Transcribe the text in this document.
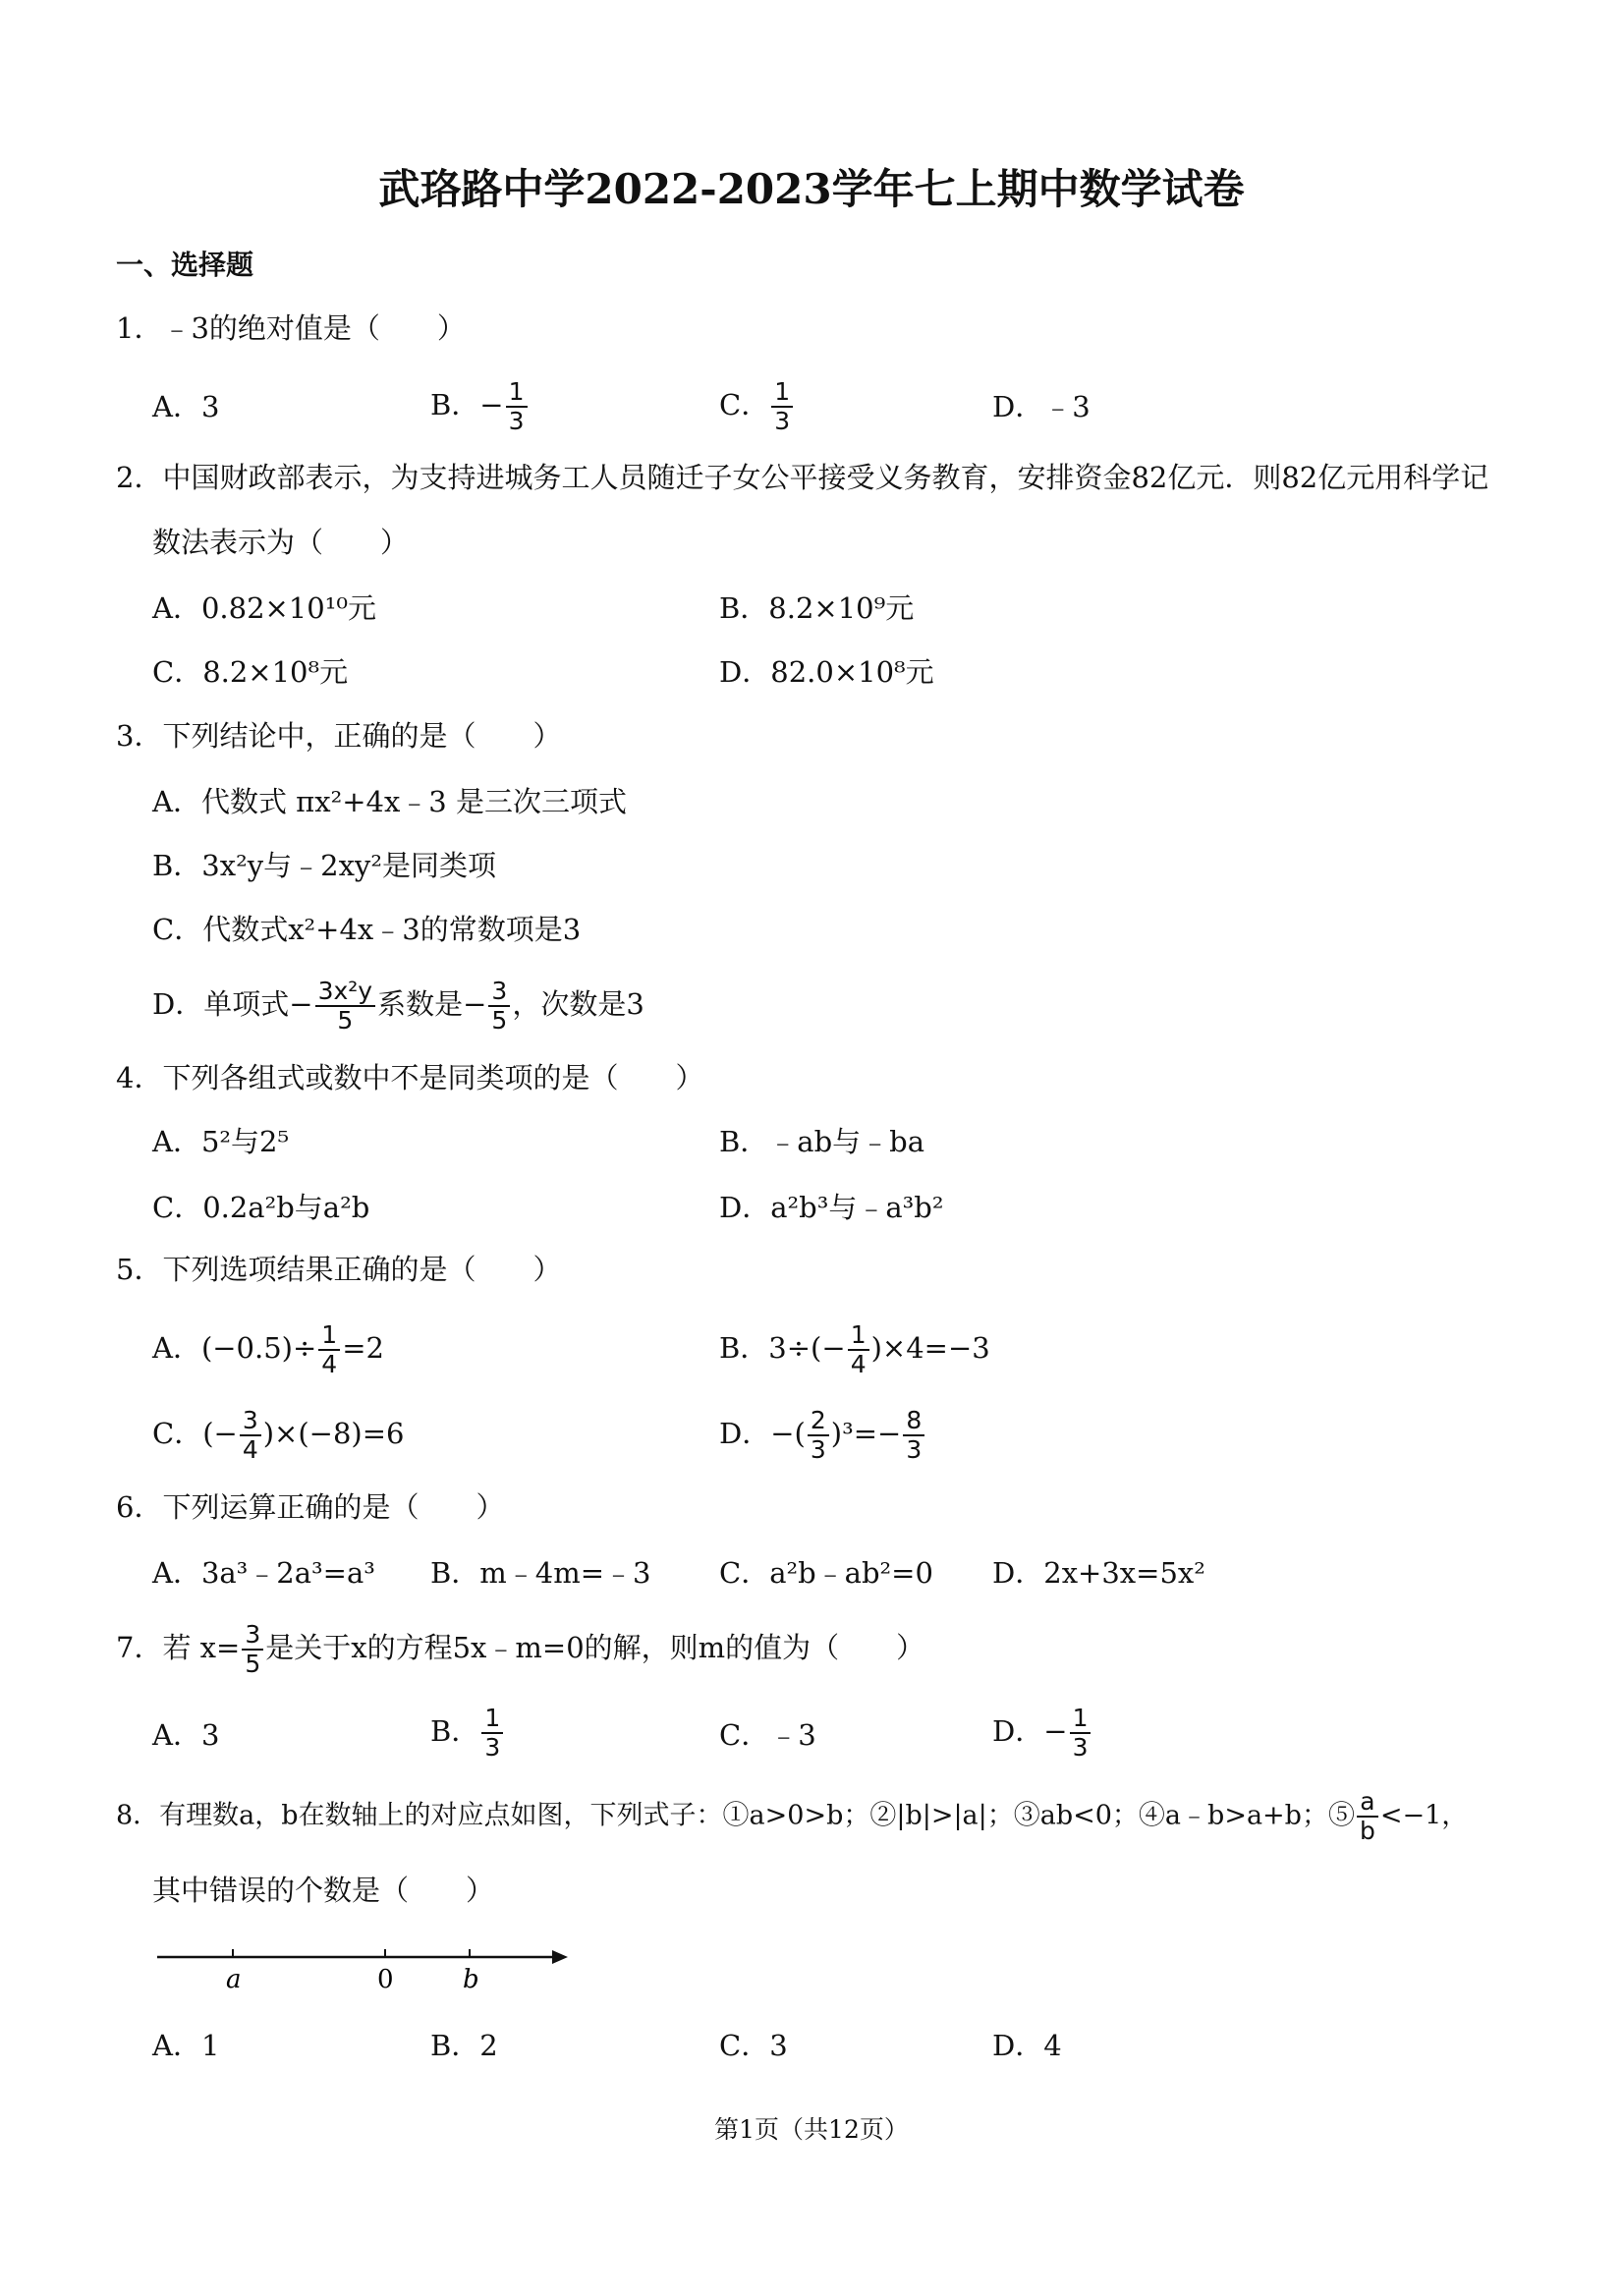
武珞路中学2022-2023学年七上期中数学试卷
一、选择题
1．﹣3的绝对值是（　　）
A．3	B．− $\frac{1}{3}$	C． $\frac{1}{3}$	D．﹣3
2．中国财政部表示，为支持进城务工人员随迁子女公平接受义务教育，安排资金82亿元．则82亿元用科学记
数法表示为（　　）
A．0.82×10¹⁰元	B．8.2×10⁹元
C．8.2×10⁸元	D．82.0×10⁸元
3．下列结论中，正确的是（　　）
A．代数式 πx²+4x﹣3 是三次三项式
B．3x²y与﹣2xy²是同类项
C．代数式x²+4x﹣3的常数项是3
D．单项式− $\frac{\text{3x²y}}{5}$ 系数是− $\frac{3}{5}$ ，次数是3
4．下列各组式或数中不是同类项的是（　　）
A．5²与2⁵	B．﹣ab与﹣ba
C．0.2a²b与a²b	D．a²b³与﹣a³b²
5．下列选项结果正确的是（　　）
A．$(-0.5)\div \frac{1}{4} =2$	B．$3\div(- \frac{1}{4} )\times 4=-3$
C．(− $\frac{3}{4} )\times(-8)=6$	D．−( $\frac{2}{3} )^3=- \frac{8}{3}$
6．下列运算正确的是（　　）
A．3a³﹣2a³=a³ B．m﹣4m=﹣3 C．a²b﹣ab²=0 D．2x+3x=5x²
7．若 $x= \frac{3}{5}$ 是关于x的方程5x﹣m=0的解，则m的值为（　　）
A．3	B． $\frac{1}{3}$	C．﹣3	D．− $\frac{1}{3}$
8．有理数a，b在数轴上的对应点如图，下列式子：①a>0>b；②|b|>|a|；③ab<0；④a﹣b>a+b；⑤ $\frac{a}{b} <-1$，
其中错误的个数是（　　）
a	0	b
A．1	B．2	C．3	D．4
第1页（共12页）
